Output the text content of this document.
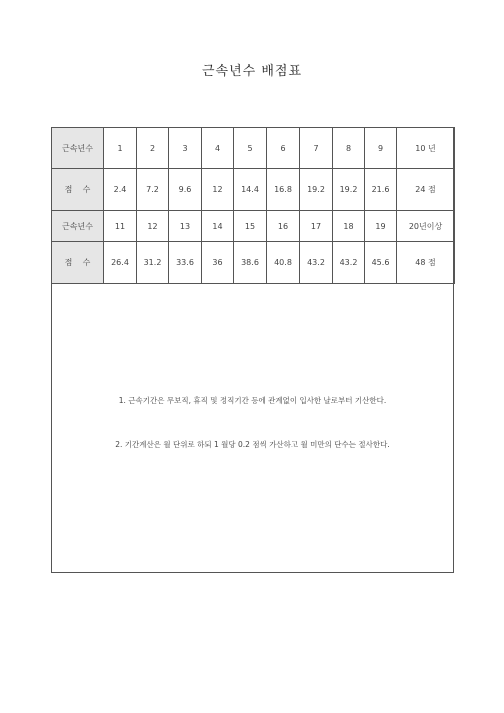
근속년수 배점표
근속년수	1	2	3	4	5	6	7	8	9	10 년
점    수	2.4	7.2	9.6	12	14.4	16.8	19.2	19.2	21.6	24 점
근속년수	11	12	13	14	15	16	17	18	19	20년이상
점    수	26.4	31.2	33.6	36	38.6	40.8	43.2	43.2	45.6	48 점

1. 근속기간은 무보직, 휴직 및 정직기간 등에 관계없이 입사한 날로부터 기산한다.

2. 기간계산은 월 단위로 하되 1 월당 0.2 점씩 가산하고 월 미만의 단수는 절사한다.
